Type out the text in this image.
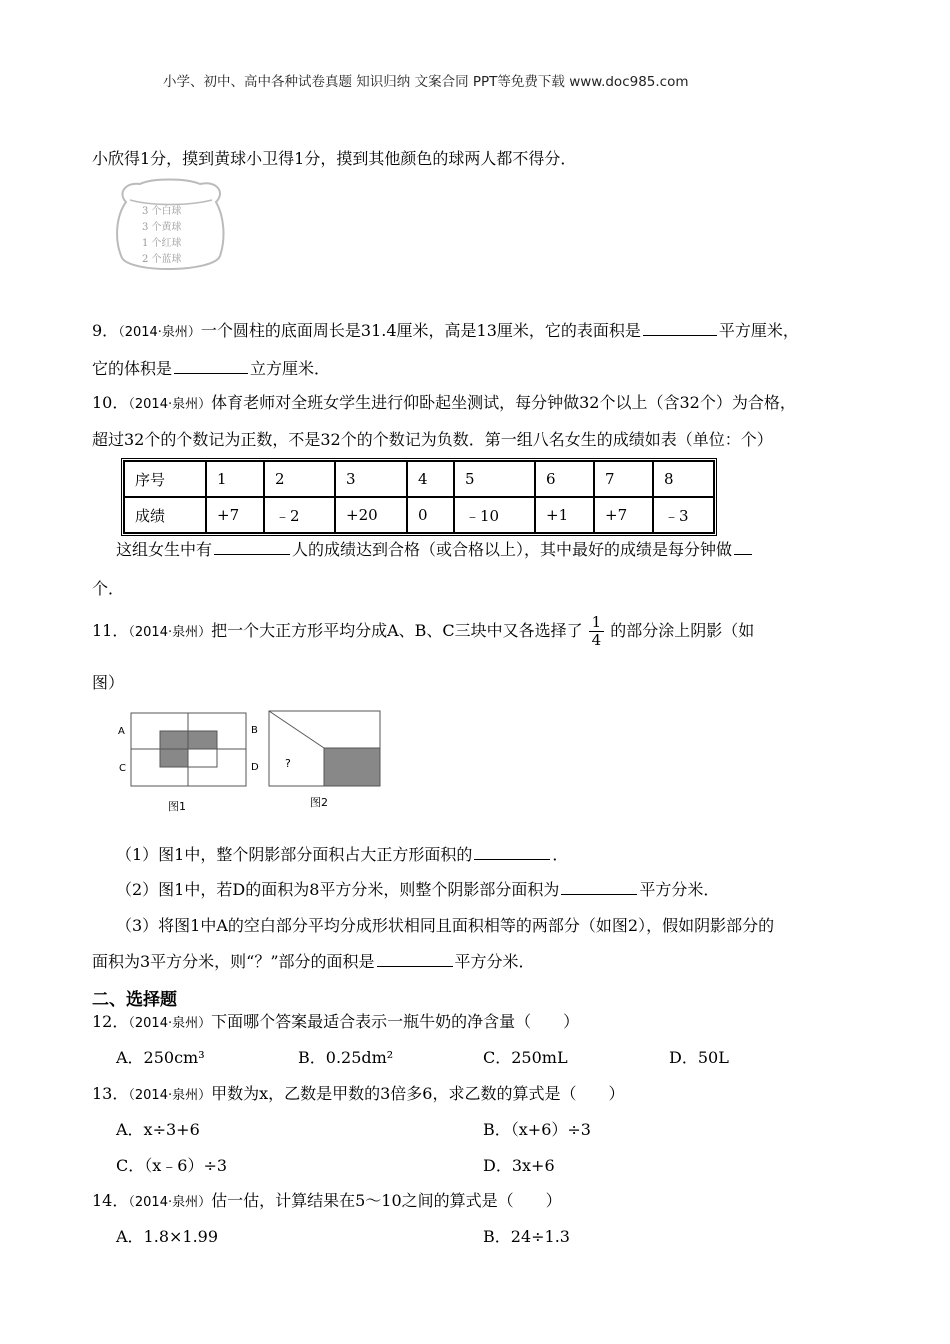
小学、初中、高中各种试卷真题 知识归纳 文案合同 PPT等免费下载 www.doc985.com
小欣得1分，摸到黄球小卫得1分，摸到其他颜色的球两人都不得分．
3 个白球
3 个黄球
1 个红球
2 个蓝球
9．（2014·泉州）一个圆柱的底面周长是31.4厘米，高是13厘米，它的表面积是	平方厘米，
它的体积是	立方厘米．
10．（2014·泉州）体育老师对全班女学生进行仰卧起坐测试，每分钟做32个以上（含32个）为合格，
超过32个的个数记为正数，不是32个的个数记为负数．第一组八名女生的成绩如表（单位：个）
序号	1	2	3	4	5	6	7	8
成绩	+7	﹣2	+20	0	﹣10	+1	+7	﹣3
这组女生中有	人的成绩达到合格（或合格以上），其中最好的成绩是每分钟做
个．
11．（2014·泉州）把一个大正方形平均分成A、B、C三块中又各选择了 $\frac{1}{4}$ 的部分涂上阴影（如
图）
A	B
C	D
图1
?
图2
（1）图1中，整个阴影部分面积占大正方形面积的	．
（2）图1中，若D的面积为8平方分米，则整个阴影部分面积为	平方分米．
（3）将图1中A的空白部分平均分成形状相同且面积相等的两部分（如图2），假如阴影部分的
面积为3平方分米，则“？”部分的面积是	平方分米．
二、选择题
12．（2014·泉州）下面哪个答案最适合表示一瓶牛奶的净含量（　　）
A．250cm³	B．0.25dm²	C．250mL	D．50L
13．（2014·泉州）甲数为x，乙数是甲数的3倍多6，求乙数的算式是（　　）
A．x÷3+6	B．（x+6）÷3
C．（x﹣6）÷3	D．3x+6
14．（2014·泉州）估一估，计算结果在5～10之间的算式是（　　）
A．1.8×1.99	B．24÷1.3
